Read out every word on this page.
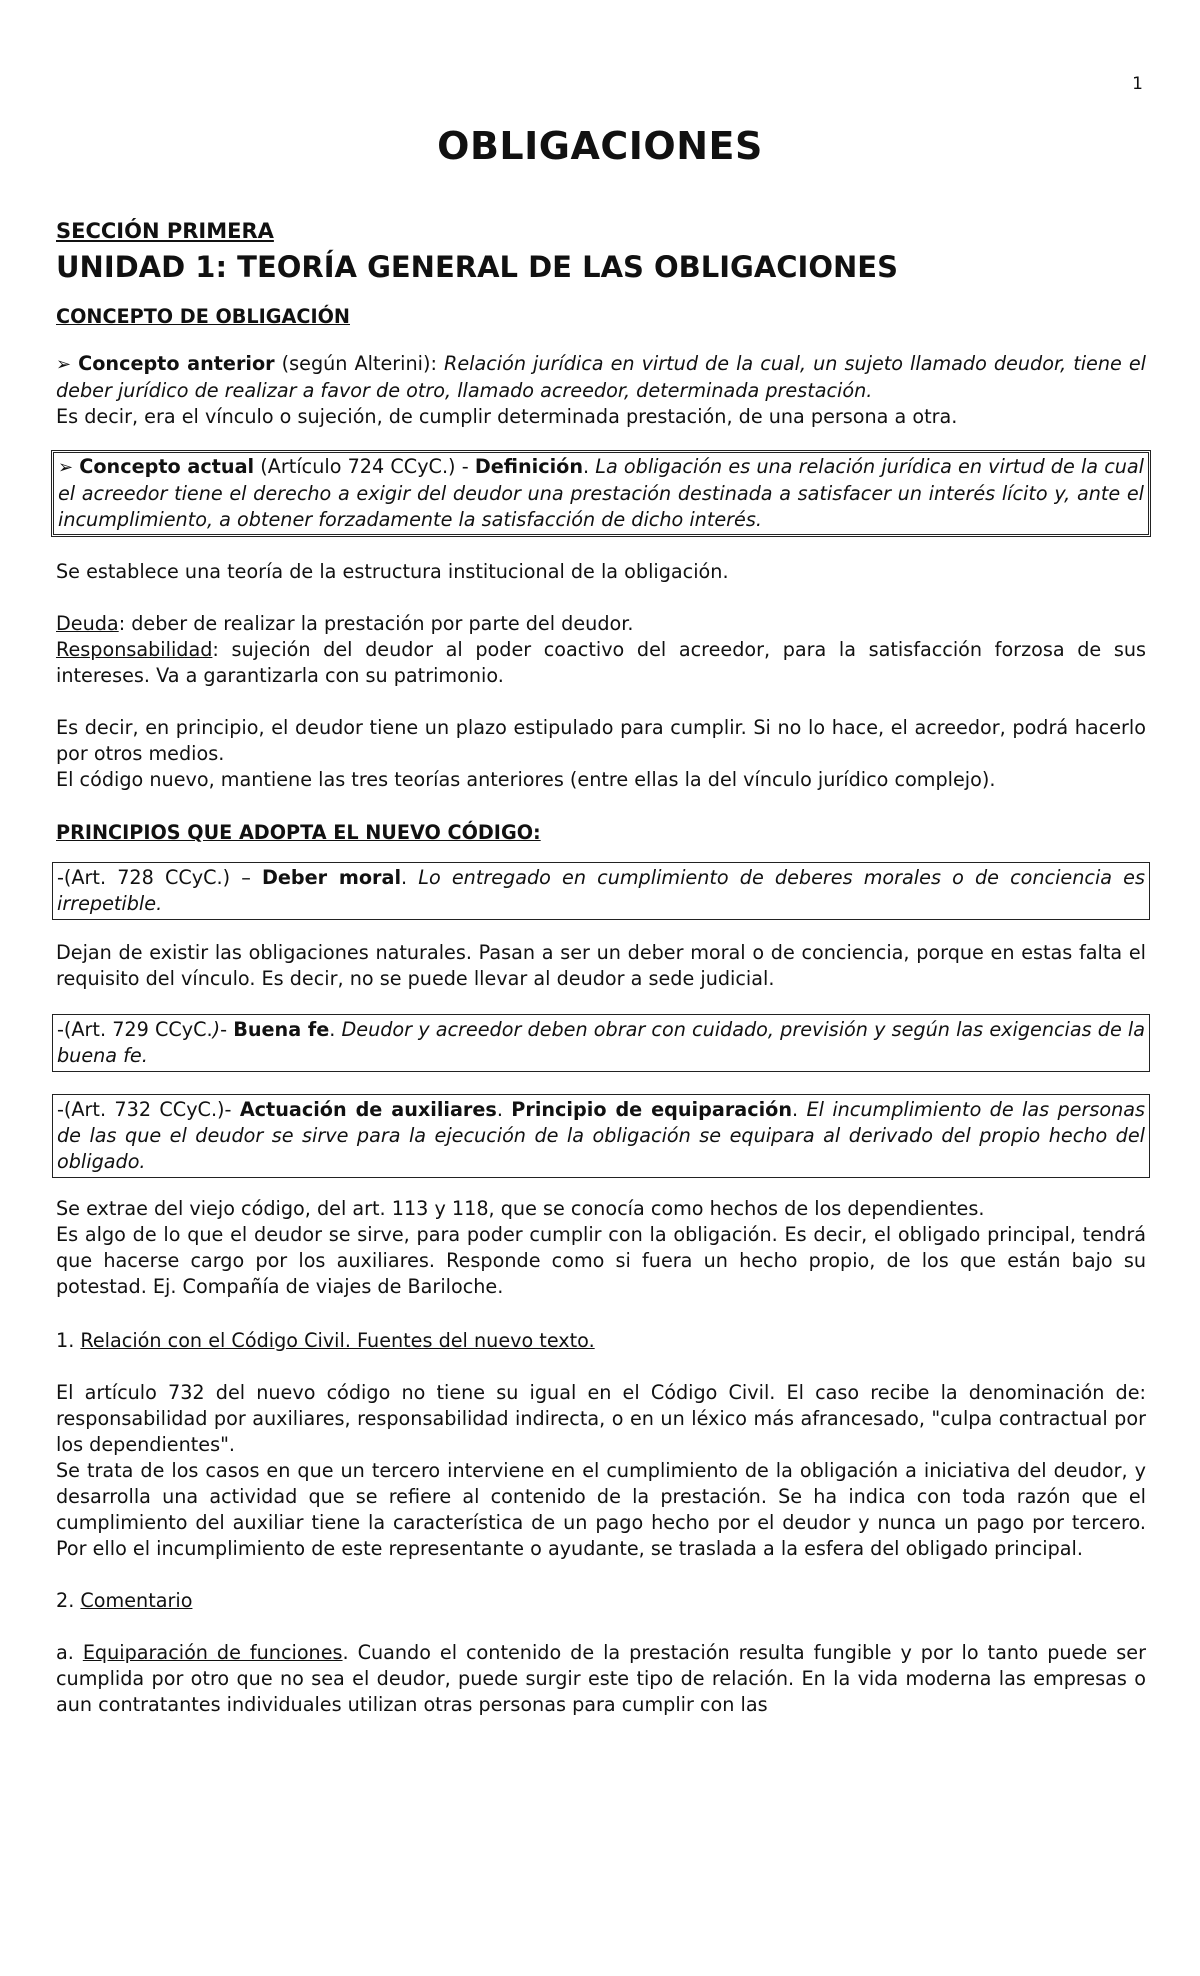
1
OBLIGACIONES

SECCIÓN PRIMERA

UNIDAD 1: TEORÍA GENERAL DE LAS OBLIGACIONES

CONCEPTO DE OBLIGACIÓN

➢ Concepto anterior (según Alterini): Relación jurídica en virtud de la cual, un sujeto llamado deudor, tiene el deber jurídico de realizar a favor de otro, llamado acreedor, determinada prestación.

Es decir, era el vínculo o sujeción, de cumplir determinada prestación, de una persona a otra.

➢ Concepto actual (Artículo 724 CCyC.) - Definición. La obligación es una relación jurídica en virtud de la cual el acreedor tiene el derecho a exigir del deudor una prestación destinada a satisfacer un interés lícito y, ante el incumplimiento, a obtener forzadamente la satisfacción de dicho interés.

Se establece una teoría de la estructura institucional de la obligación.

Deuda: deber de realizar la prestación por parte del deudor.

Responsabilidad: sujeción del deudor al poder coactivo del acreedor, para la satisfacción forzosa de sus intereses. Va a garantizarla con su patrimonio.

Es decir, en principio, el deudor tiene un plazo estipulado para cumplir. Si no lo hace, el acreedor, podrá hacerlo por otros medios.

El código nuevo, mantiene las tres teorías anteriores (entre ellas la del vínculo jurídico complejo).

PRINCIPIOS QUE ADOPTA EL NUEVO CÓDIGO:

-(Art. 728 CCyC.) – Deber moral. Lo entregado en cumplimiento de deberes morales o de conciencia es irrepetible.

Dejan de existir las obligaciones naturales. Pasan a ser un deber moral o de conciencia, porque en estas falta el requisito del vínculo. Es decir, no se puede llevar al deudor a sede judicial.

-(Art. 729 CCyC.)- Buena fe. Deudor y acreedor deben obrar con cuidado, previsión y según las exigencias de la buena fe.
-(Art. 732 CCyC.)- Actuación de auxiliares. Principio de equiparación. El incumplimiento de las personas de las que el deudor se sirve para la ejecución de la obligación se equipara al derivado del propio hecho del obligado.

Se extrae del viejo código, del art. 113 y 118, que se conocía como hechos de los dependientes.

Es algo de lo que el deudor se sirve, para poder cumplir con la obligación. Es decir, el obligado principal, tendrá que hacerse cargo por los auxiliares. Responde como si fuera un hecho propio, de los que están bajo su potestad. Ej. Compañía de viajes de Bariloche.

1. Relación con el Código Civil. Fuentes del nuevo texto.

El artículo 732 del nuevo código no tiene su igual en el Código Civil. El caso recibe la denominación de: responsabilidad por auxiliares, responsabilidad indirecta, o en un léxico más afrancesado, "culpa contractual por los dependientes".

Se trata de los casos en que un tercero interviene en el cumplimiento de la obligación a iniciativa del deudor, y desarrolla una actividad que se refiere al contenido de la prestación. Se ha indica con toda razón que el cumplimiento del auxiliar tiene la característica de un pago hecho por el deudor y nunca un pago por tercero. Por ello el incumplimiento de este representante o ayudante, se traslada a la esfera del obligado principal.

2. Comentario

a. Equiparación de funciones. Cuando el contenido de la prestación resulta fungible y por lo tanto puede ser cumplida por otro que no sea el deudor, puede surgir este tipo de relación. En la vida moderna las empresas o aun contratantes individuales utilizan otras personas para cumplir con las
